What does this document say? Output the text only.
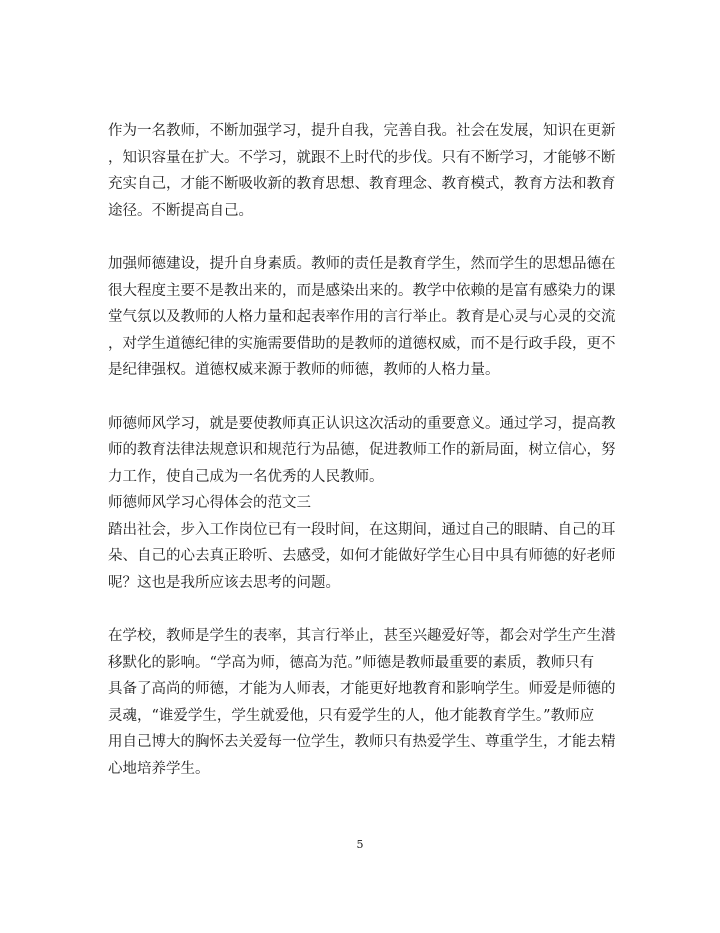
作为一名教师，不断加强学习，提升自我，完善自我。社会在发展，知识在更新
，知识容量在扩大。不学习，就跟不上时代的步伐。只有不断学习，才能够不断
充实自己，才能不断吸收新的教育思想、教育理念、教育模式，教育方法和教育
途径。不断提高自己。
加强师德建设，提升自身素质。教师的责任是教育学生，然而学生的思想品德在
很大程度主要不是教出来的，而是感染出来的。教学中依赖的是富有感染力的课
堂气氛以及教师的人格力量和起表率作用的言行举止。教育是心灵与心灵的交流
，对学生道德纪律的实施需要借助的是教师的道德权威，而不是行政手段，更不
是纪律强权。道德权威来源于教师的师德，教师的人格力量。
师德师风学习，就是要使教师真正认识这次活动的重要意义。通过学习，提高教
师的教育法律法规意识和规范行为品德，促进教师工作的新局面，树立信心，努
力工作，使自己成为一名优秀的人民教师。
师德师风学习心得体会的范文三
踏出社会，步入工作岗位已有一段时间，在这期间，通过自己的眼睛、自己的耳
朵、自己的心去真正聆听、去感受，如何才能做好学生心目中具有师德的好老师
呢？这也是我所应该去思考的问题。
在学校，教师是学生的表率，其言行举止，甚至兴趣爱好等，都会对学生产生潜
移默化的影响。“学高为师，德高为范。”师德是教师最重要的素质，教师只有
具备了高尚的师德，才能为人师表，才能更好地教育和影响学生。师爱是师德的
灵魂，“谁爱学生，学生就爱他，只有爱学生的人，他才能教育学生。”教师应
用自己博大的胸怀去关爱每一位学生，教师只有热爱学生、尊重学生，才能去精
心地培养学生。
5
